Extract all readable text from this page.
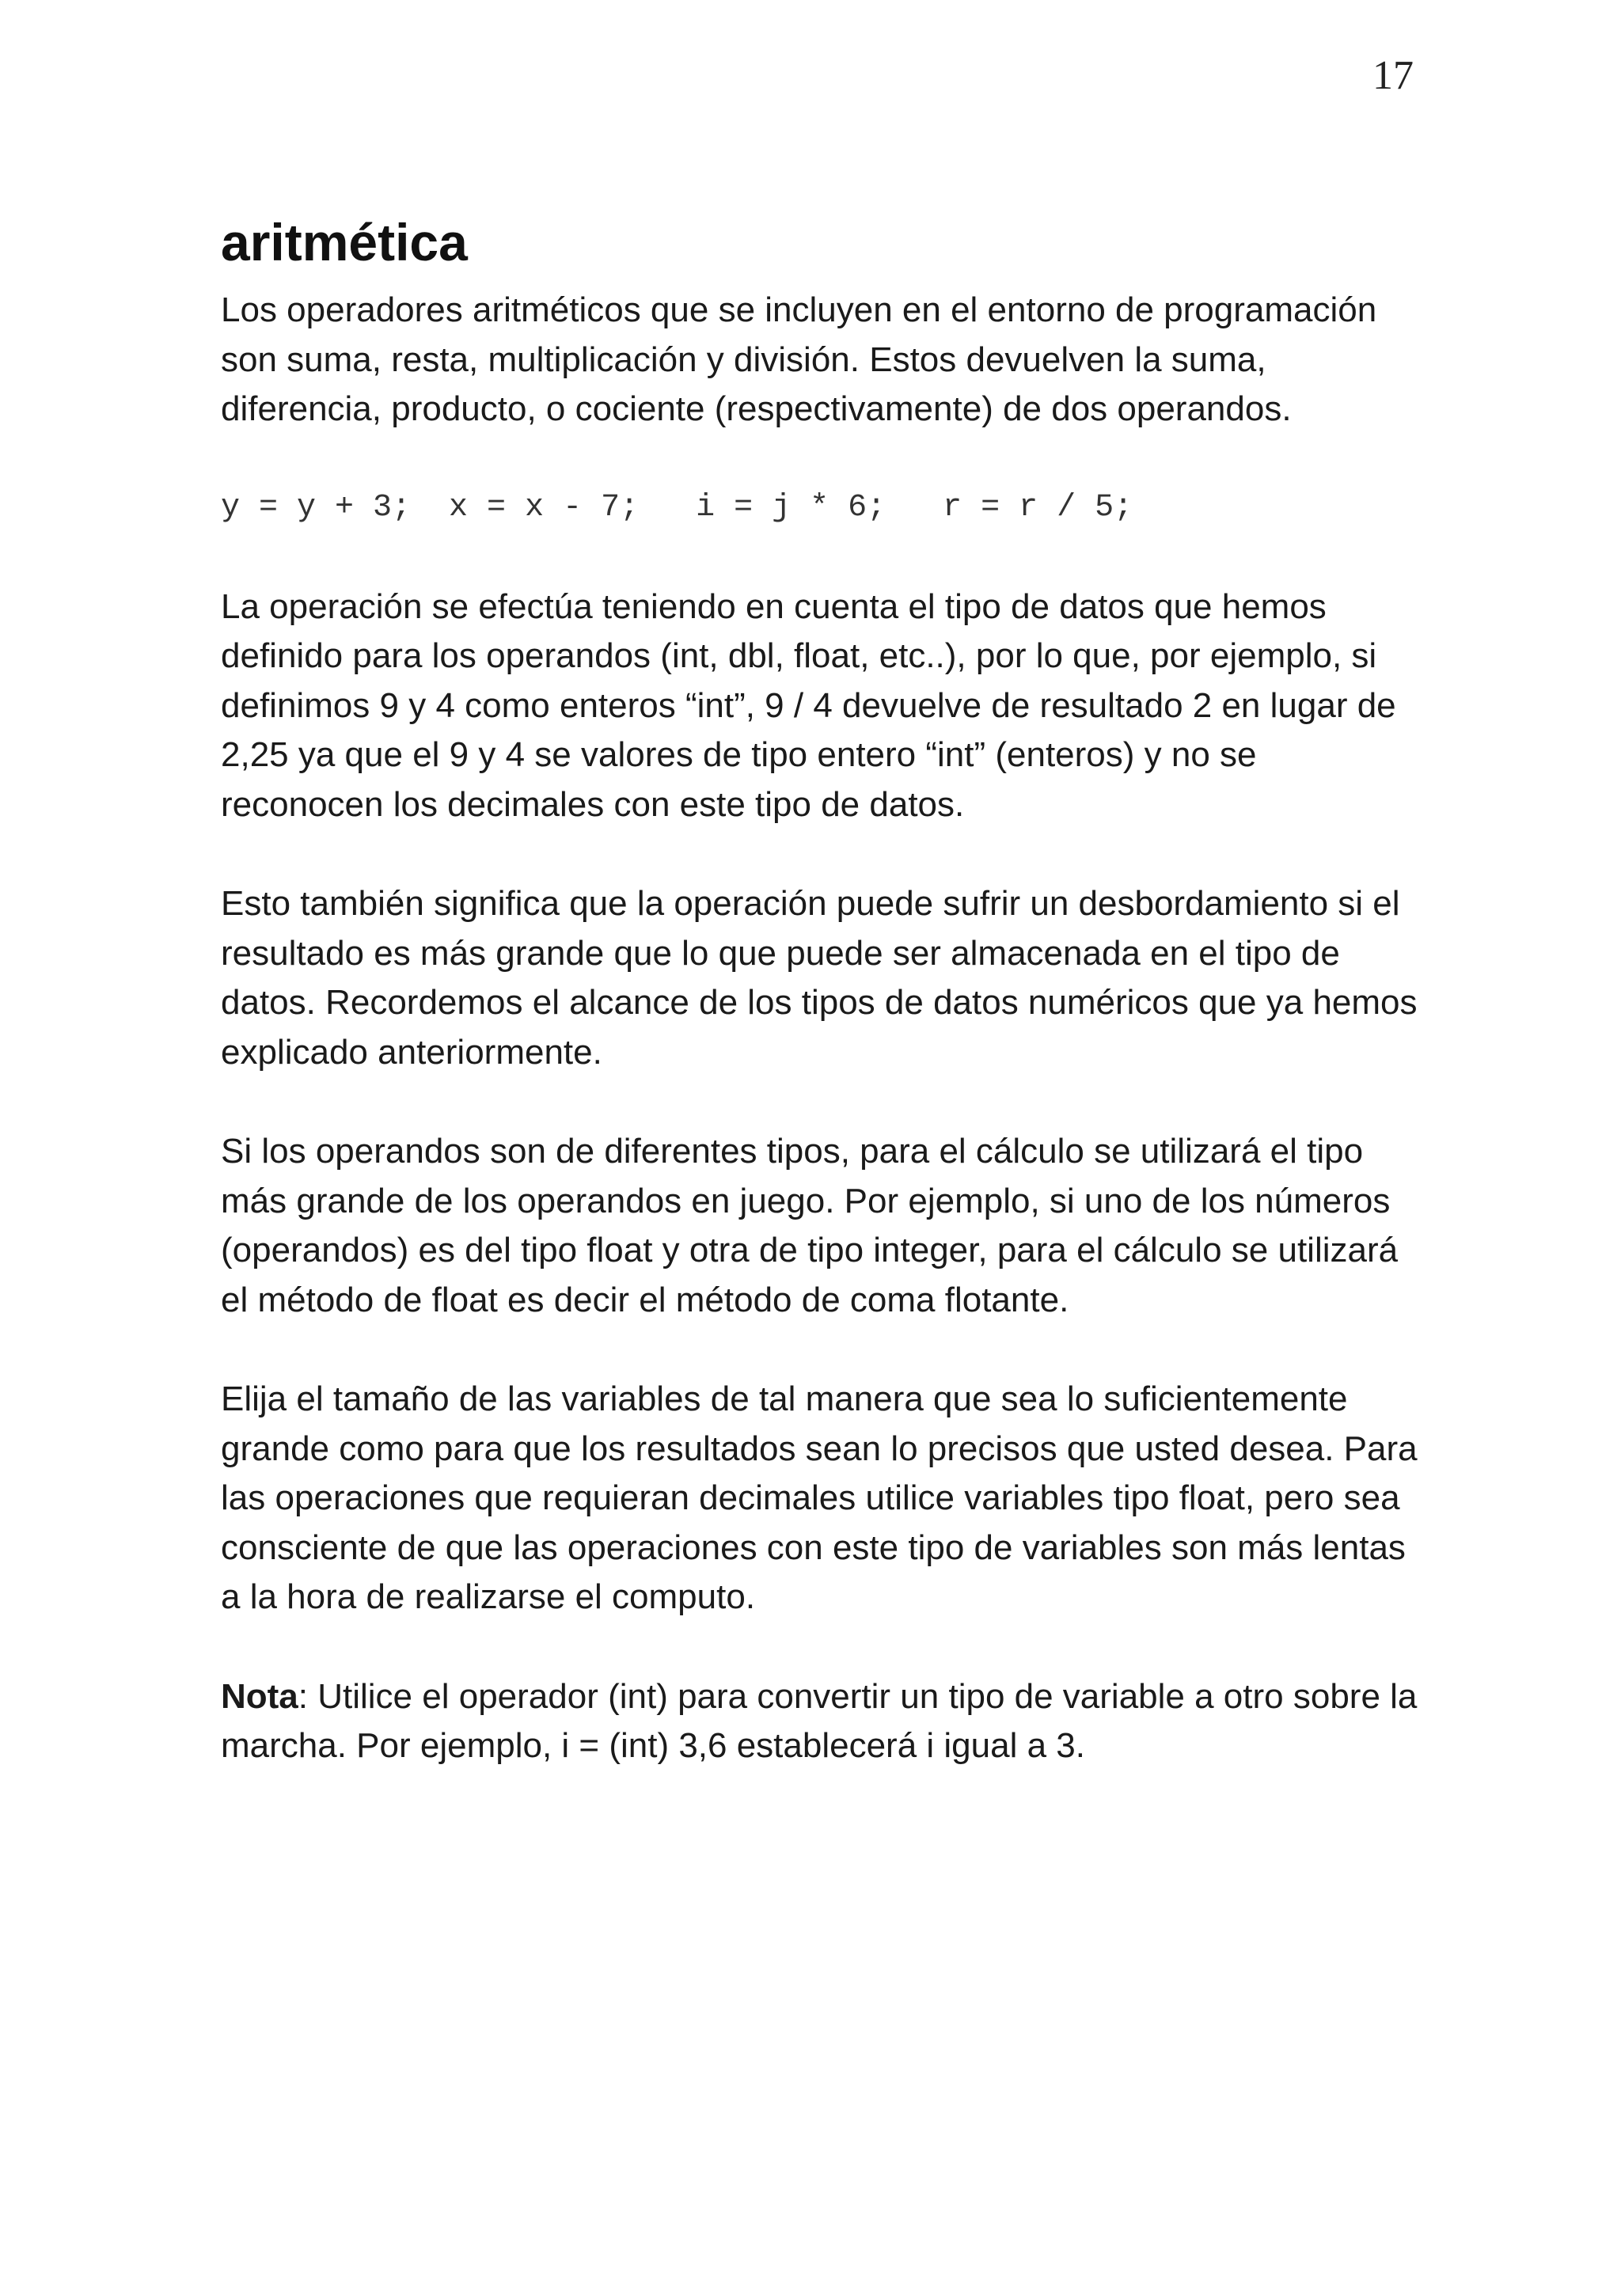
17
aritmética

Los operadores aritméticos que se incluyen en el entorno de programación son suma, resta, multiplicación y división. Estos devuelven la suma, diferencia, producto, o cociente (respectivamente) de dos operandos.

y = y + 3;  x = x - 7;   i = j * 6;   r = r / 5;

La operación se efectúa teniendo en cuenta el tipo de datos que hemos definido para los operandos (int, dbl, float, etc..), por lo que, por ejemplo, si definimos 9 y 4 como enteros “int”, 9 / 4 devuelve de resultado 2 en lugar de 2,25 ya que el 9 y 4 se valores de tipo entero “int” (enteros) y no se reconocen los decimales con este tipo de datos.

Esto también significa que la operación puede sufrir un desbordamiento si el resultado es más grande que lo que puede ser almacenada en el tipo de datos. Recordemos el alcance de los tipos de datos numéricos que ya hemos explicado anteriormente.

Si los operandos son de diferentes tipos, para el cálculo se utilizará el tipo más grande de los operandos en juego. Por ejemplo, si uno de los números (operandos) es del tipo float y otra de tipo integer, para el cálculo se utilizará el método de float es decir el método de coma flotante.

Elija el tamaño de las variables de tal manera que sea lo suficientemente grande como para que los resultados sean lo precisos que usted desea. Para las operaciones que requieran decimales utilice variables tipo float, pero sea consciente de que las operaciones con este tipo de variables son más lentas a la hora de realizarse el computo.

Nota: Utilice el operador (int) para convertir un tipo de variable a otro sobre la marcha. Por ejemplo, i = (int) 3,6 establecerá i igual a 3.
